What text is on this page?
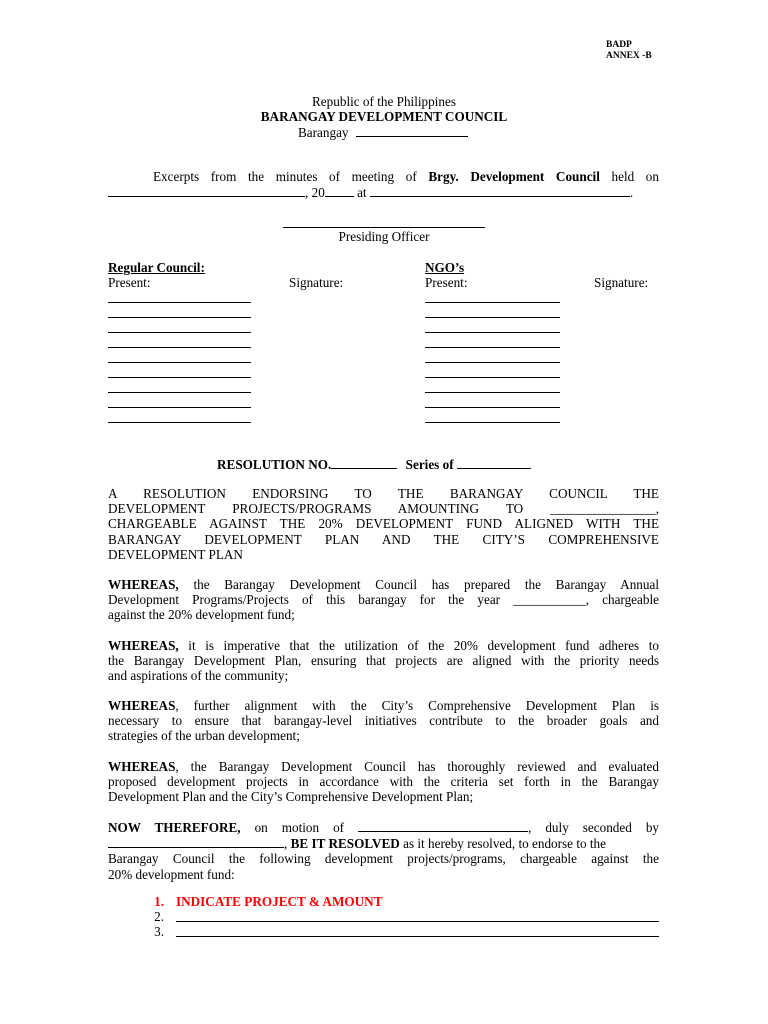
BADP
ANNEX -B
Republic of the Philippines
BARANGAY DEVELOPMENT COUNCIL
Barangay
Excerpts from the minutes of meeting of Brgy. Development Council held on
, 20 at	.
Presiding Officer
Regular Council:	NGO’s
Present:	Signature:	Present:	Signature:
RESOLUTION NO.	Series of
A RESOLUTION ENDORSING TO THE BARANGAY COUNCIL THE
DEVELOPMENT PROJECTS/PROGRAMS AMOUNTING TO ________________,
CHARGEABLE AGAINST THE 20% DEVELOPMENT FUND ALIGNED WITH THE
BARANGAY DEVELOPMENT PLAN AND THE CITY’S COMPREHENSIVE
DEVELOPMENT PLAN
WHEREAS, the Barangay Development Council has prepared the Barangay Annual
Development Programs/Projects of this barangay for the year ___________, chargeable
against the 20% development fund;
WHEREAS, it is imperative that the utilization of the 20% development fund adheres to
the Barangay Development Plan, ensuring that projects are aligned with the priority needs
and aspirations of the community;
WHEREAS, further alignment with the City’s Comprehensive Development Plan is
necessary to ensure that barangay-level initiatives contribute to the broader goals and
strategies of the urban development;
WHEREAS, the Barangay Development Council has thoroughly reviewed and evaluated
proposed development projects in accordance with the criteria set forth in the Barangay
Development Plan and the City’s Comprehensive Development Plan;
NOW THEREFORE, on motion of	, duly seconded by
, BE IT RESOLVED as it hereby resolved, to endorse to the
Barangay Council the following development projects/programs, chargeable against the
20% development fund:
1. INDICATE PROJECT & AMOUNT
2.
3.
